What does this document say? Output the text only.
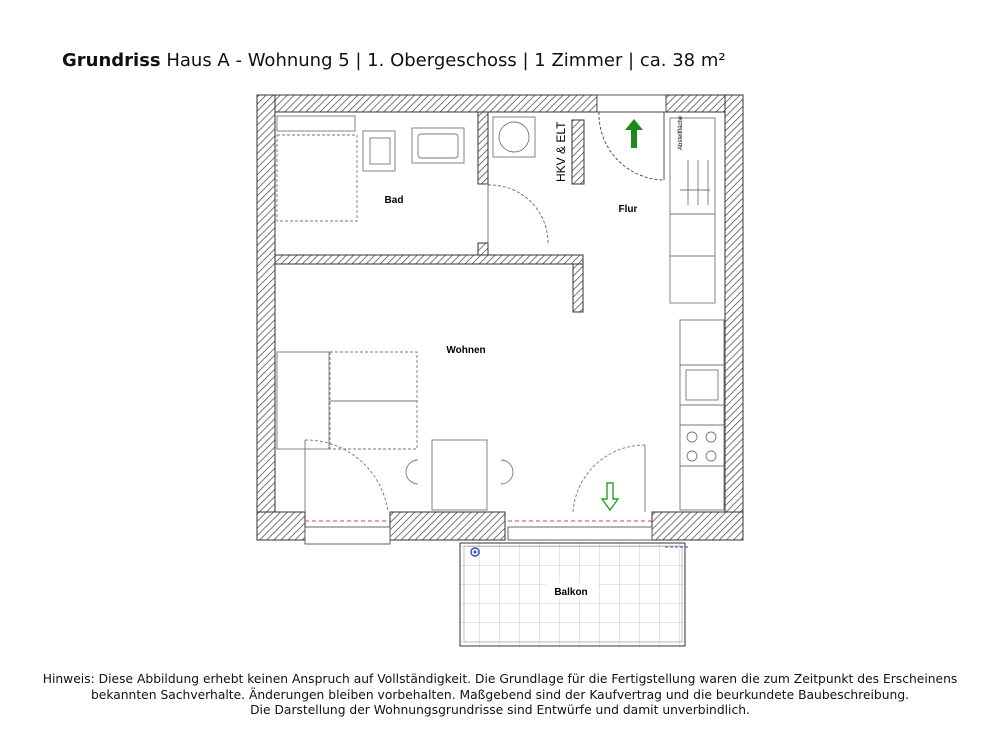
Grundriss Haus A - Wohnung 5 | 1. Obergeschoss | 1 Zimmer | ca. 38 m²
Bad
HKV & ELT
Flur
Abstellfläche
Wohnen
Balkon
Hinweis: Diese Abbildung erhebt keinen Anspruch auf Vollständigkeit. Die Grundlage für die Fertigstellung waren die zum Zeitpunkt des Erscheinens
bekannten Sachverhalte. Änderungen bleiben vorbehalten. Maßgebend sind der Kaufvertrag und die beurkundete Baubeschreibung.
Die Darstellung der Wohnungsgrundrisse sind Entwürfe und damit unverbindlich.
